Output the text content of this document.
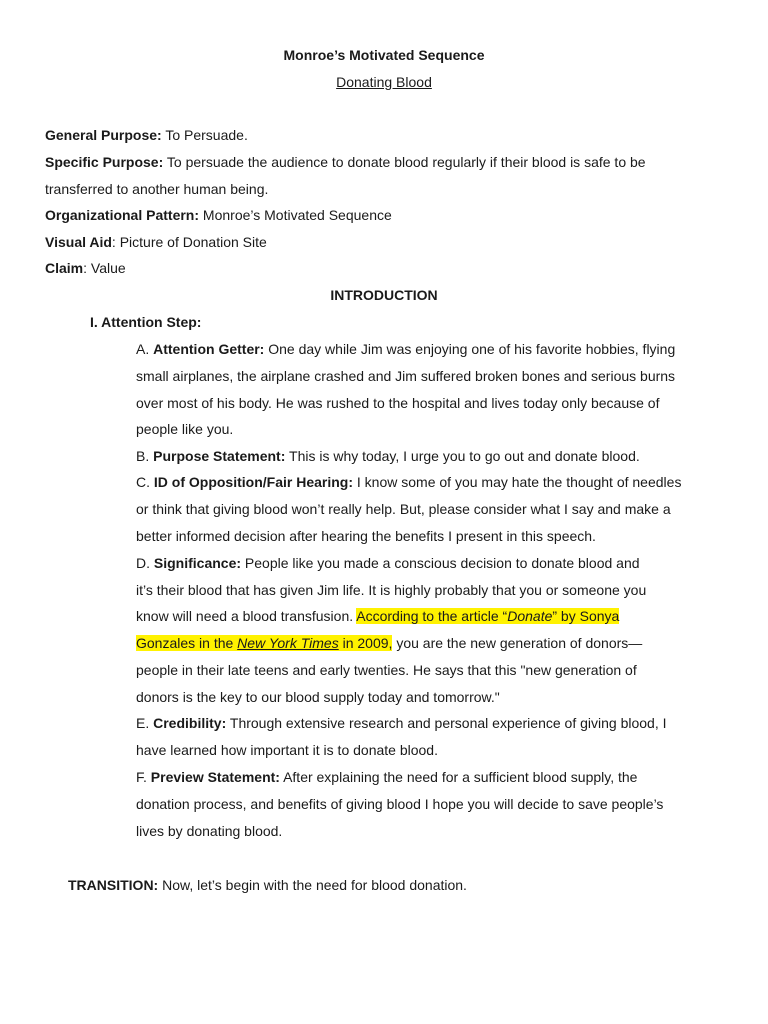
Monroe’s Motivated Sequence
Donating Blood
General Purpose: To Persuade.
Specific Purpose: To persuade the audience to donate blood regularly if their blood is safe to be
transferred to another human being.
Organizational Pattern: Monroe’s Motivated Sequence
Visual Aid: Picture of Donation Site
Claim: Value
INTRODUCTION
I. Attention Step:
A. Attention Getter: One day while Jim was enjoying one of his favorite hobbies, flying
small airplanes, the airplane crashed and Jim suffered broken bones and serious burns
over most of his body. He was rushed to the hospital and lives today only because of
people like you.
B. Purpose Statement: This is why today, I urge you to go out and donate blood.
C. ID of Opposition/Fair Hearing: I know some of you may hate the thought of needles
or think that giving blood won’t really help. But, please consider what I say and make a
better informed decision after hearing the benefits I present in this speech.
D. Significance: People like you made a conscious decision to donate blood and
it’s their blood that has given Jim life. It is highly probably that you or someone you
know will need a blood transfusion. According to the article “Donate” by Sonya
Gonzales in the New York Times in 2009, you are the new generation of donors—
people in their late teens and early twenties. He says that this "new generation of
donors is the key to our blood supply today and tomorrow."
E. Credibility: Through extensive research and personal experience of giving blood, I
have learned how important it is to donate blood.
F. Preview Statement: After explaining the need for a sufficient blood supply, the
donation process, and benefits of giving blood I hope you will decide to save people’s
lives by donating blood.
TRANSITION: Now, let’s begin with the need for blood donation.
